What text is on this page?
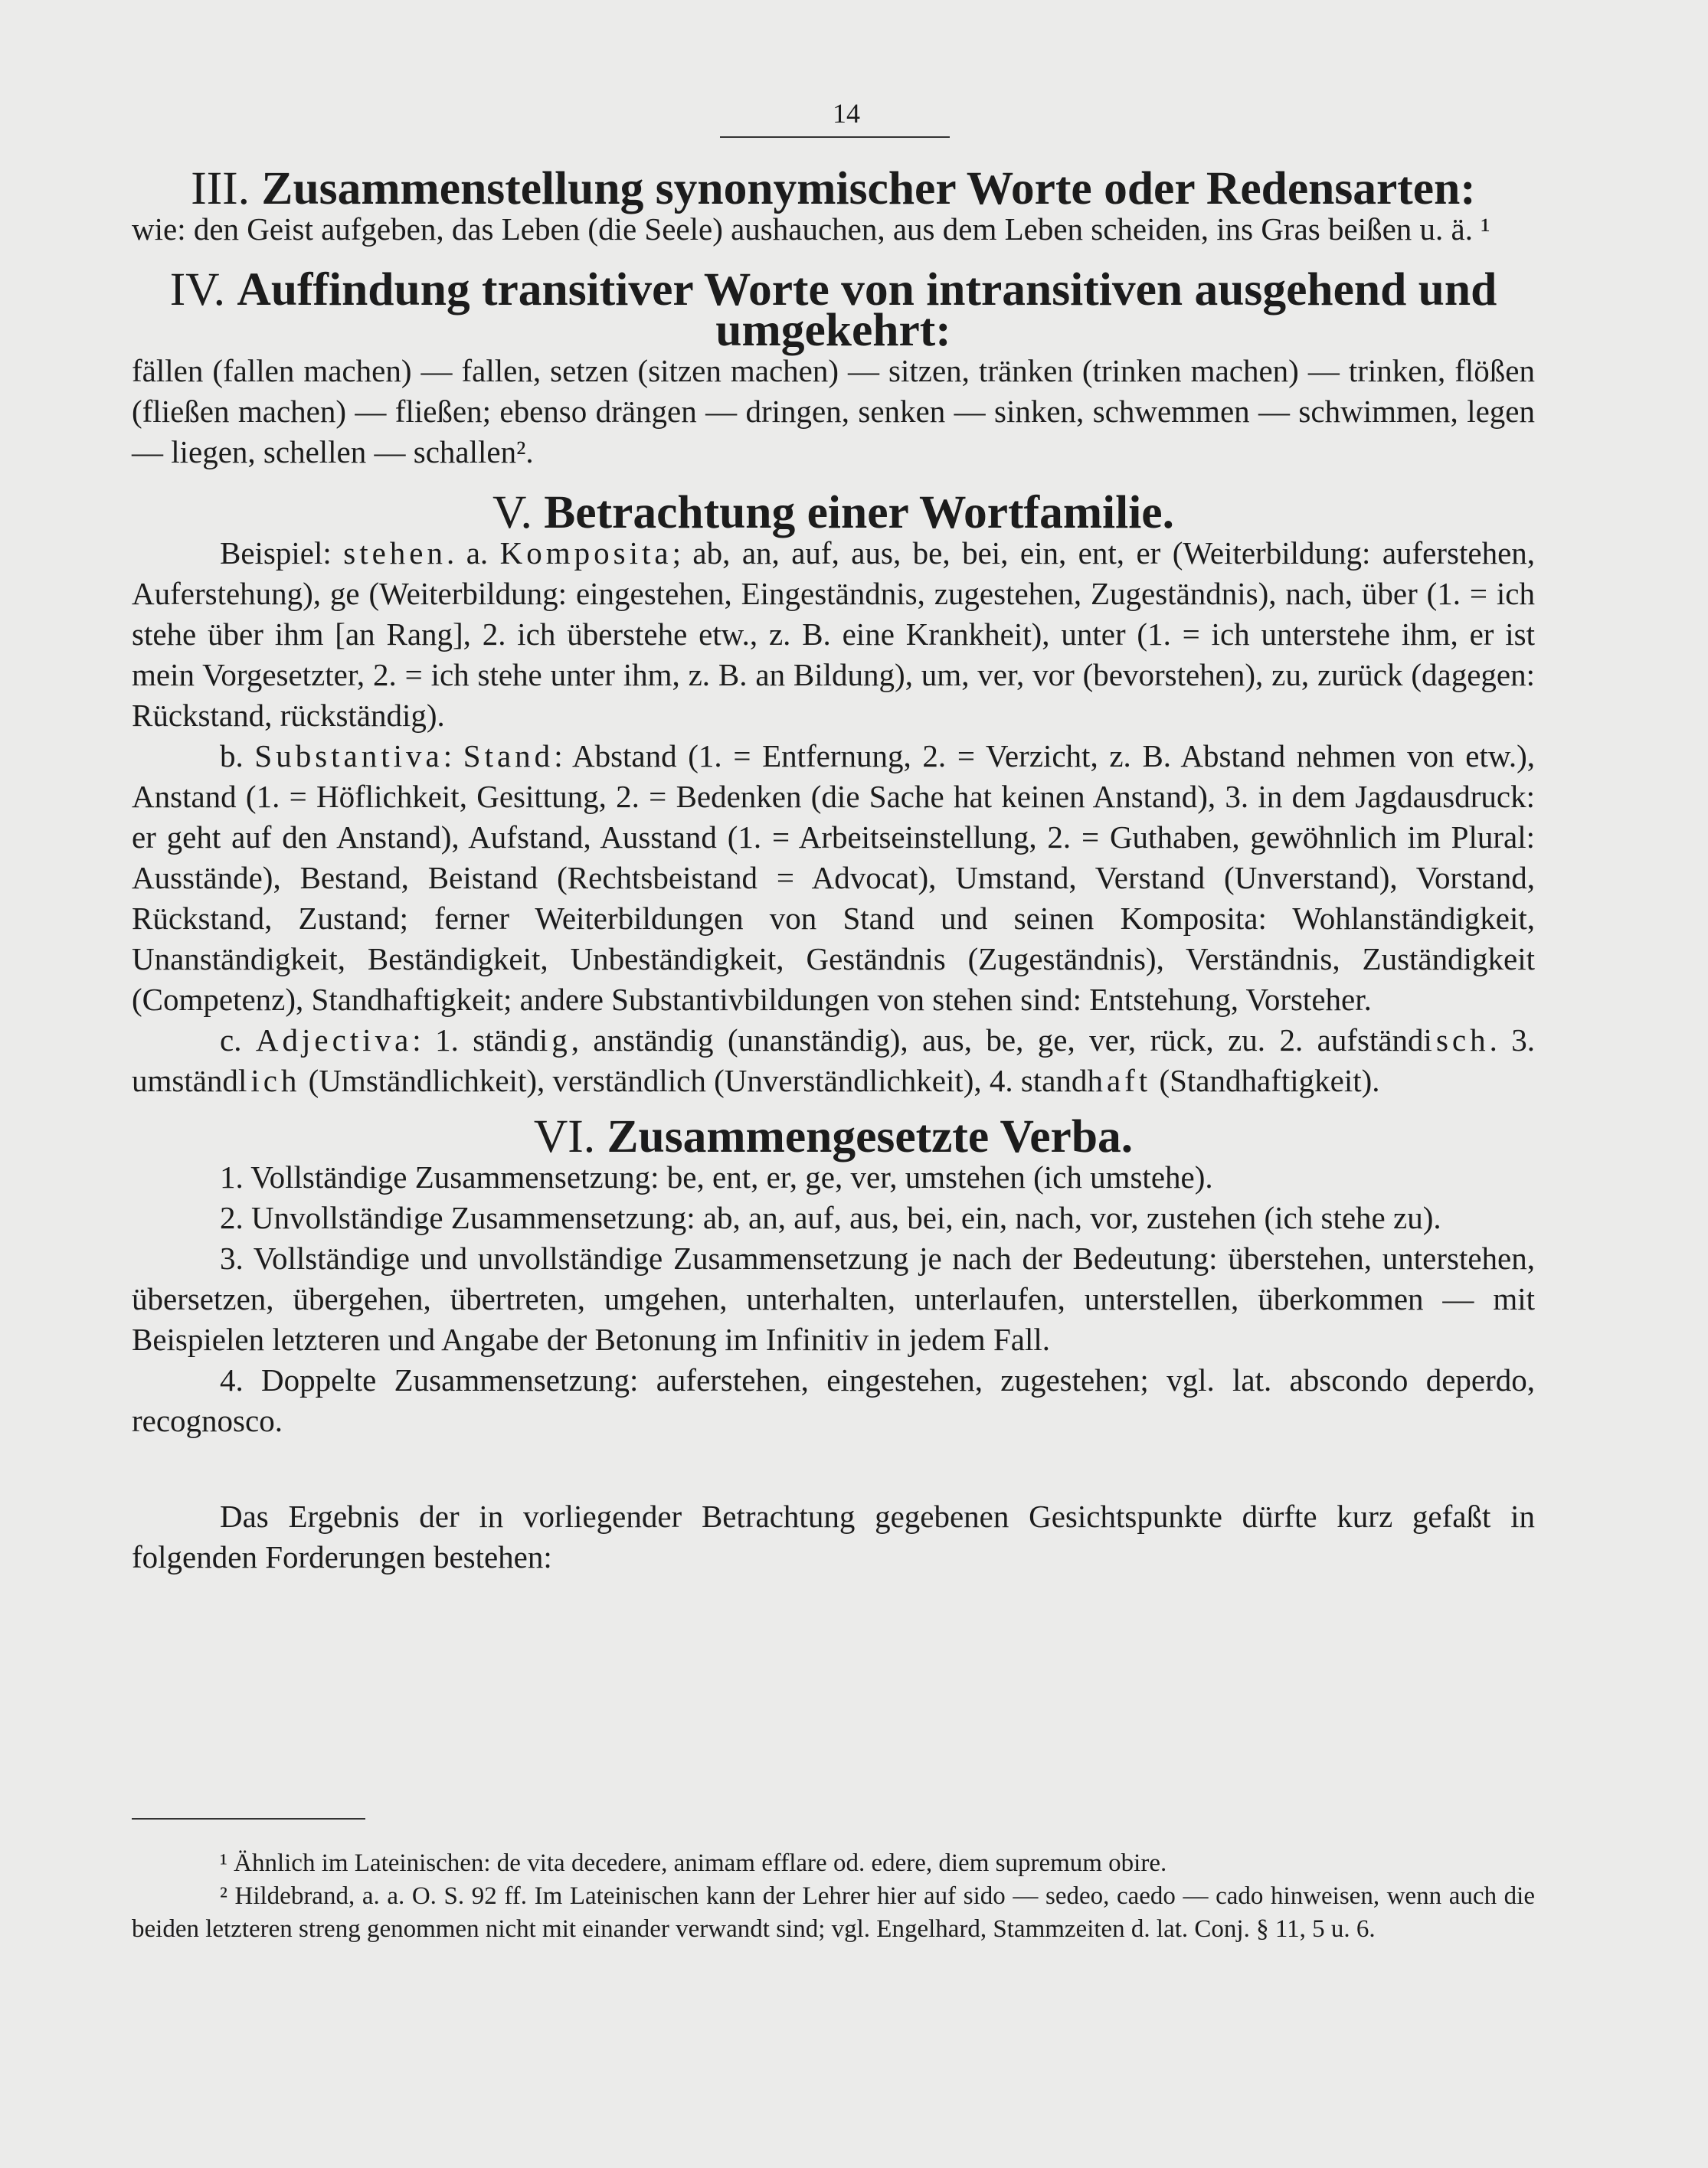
14
III. Zusammenstellung synonymischer Worte oder Redensarten:

wie: den Geist aufgeben, das Leben (die Seele) aushauchen, aus dem Leben scheiden, ins Gras beißen u. ä. ¹

IV. Auffindung transitiver Worte von intransitiven ausgehend und umgekehrt:

fällen (fallen machen) — fallen, setzen (sitzen machen) — sitzen, tränken (trinken machen) — trinken, flößen (fließen machen) — fließen; ebenso drängen — dringen, senken — sinken, schwemmen — schwimmen, legen — liegen, schellen — schallen².

V. Betrachtung einer Wortfamilie.

Beispiel: stehen. a. Komposita; ab, an, auf, aus, be, bei, ein, ent, er (Weiterbildung: auferstehen, Auferstehung), ge (Weiterbildung: eingestehen, Eingeständnis, zugestehen, Zugeständnis), nach, über (1. = ich stehe über ihm [an Rang], 2. ich überstehe etw., z. B. eine Krankheit), unter (1. = ich unterstehe ihm, er ist mein Vorgesetzter, 2. = ich stehe unter ihm, z. B. an Bildung), um, ver, vor (bevorstehen), zu, zurück (dagegen: Rückstand, rückständig).

b. Substantiva: Stand: Abstand (1. = Entfernung, 2. = Verzicht, z. B. Abstand nehmen von etw.), Anstand (1. = Höflichkeit, Gesittung, 2. = Bedenken (die Sache hat keinen Anstand), 3. in dem Jagdausdruck: er geht auf den Anstand), Aufstand, Ausstand (1. = Arbeitseinstellung, 2. = Guthaben, gewöhnlich im Plural: Ausstände), Bestand, Beistand (Rechtsbeistand = Advocat), Umstand, Verstand (Unverstand), Vorstand, Rückstand, Zustand; ferner Weiterbildungen von Stand und seinen Komposita: Wohlanständigkeit, Unanständigkeit, Beständigkeit, Unbeständigkeit, Geständnis (Zugeständnis), Verständnis, Zuständigkeit (Competenz), Standhaftigkeit; andere Substantivbildungen von stehen sind: Entstehung, Vorsteher.

c. Adjectiva: 1. ständig, anständig (unanständig), aus, be, ge, ver, rück, zu. 2. aufständisch. 3. umständlich (Umständlichkeit), verständlich (Unverständlichkeit), 4. standhaft (Standhaftigkeit).

VI. Zusammengesetzte Verba.

1. Vollständige Zusammensetzung: be, ent, er, ge, ver, umstehen (ich umstehe).

2. Unvollständige Zusammensetzung: ab, an, auf, aus, bei, ein, nach, vor, zustehen (ich stehe zu).

3. Vollständige und unvollständige Zusammensetzung je nach der Bedeutung: überstehen, unterstehen, übersetzen, übergehen, übertreten, umgehen, unterhalten, unterlaufen, unterstellen, überkommen — mit Beispielen letzteren und Angabe der Betonung im Infinitiv in jedem Fall.

4. Doppelte Zusammensetzung: auferstehen, eingestehen, zugestehen; vgl. lat. abscondo deperdo, recognosco.

Das Ergebnis der in vorliegender Betrachtung gegebenen Gesichtspunkte dürfte kurz gefaßt in folgenden Forderungen bestehen:

¹ Ähnlich im Lateinischen: de vita decedere, animam efflare od. edere, diem supremum obire.

² Hildebrand, a. a. O. S. 92 ff. Im Lateinischen kann der Lehrer hier auf sido — sedeo, caedo — cado hinweisen, wenn auch die beiden letzteren streng genommen nicht mit einander verwandt sind; vgl. Engelhard, Stammzeiten d. lat. Conj. § 11, 5 u. 6.
